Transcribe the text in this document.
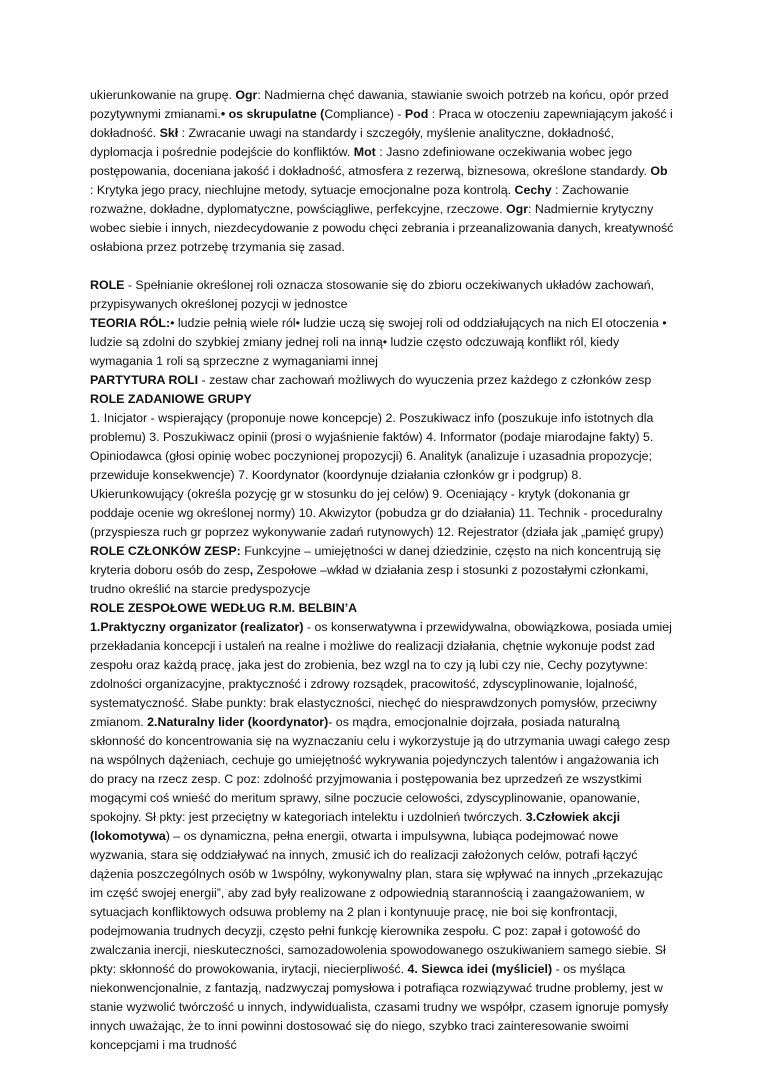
ukierunkowanie na grupę. Ogr: Nadmierna chęć dawania, stawianie swoich potrzeb na końcu, opór przed pozytywnymi zmianami.• os skrupulatne (Compliance) - Pod : Praca w otoczeniu zapewniającym jakość i dokładność. Skł : Zwracanie uwagi na standardy i szczegóły, myślenie analityczne, dokładność, dyplomacja i pośrednie podejście do konfliktów. Mot : Jasno zdefiniowane oczekiwania wobec jego postępowania, doceniana jakość i dokładność, atmosfera z rezerwą, biznesowa, określone standardy. Ob : Krytyka jego pracy, niechlujne metody, sytuacje emocjonalne poza kontrolą. Cechy : Zachowanie rozważne, dokładne, dyplomatyczne, powściągliwe, perfekcyjne, rzeczowe. Ogr: Nadmiernie krytyczny wobec siebie i innych, niezdecydowanie z powodu chęci zebrania i przeanalizowania danych, kreatywność osłabiona przez potrzebę trzymania się zasad.

ROLE - Spełnianie określonej roli oznacza stosowanie się do zbioru oczekiwanych układów zachowań, przypisywanych określonej pozycji w jednostce

TEORIA RÓL:• ludzie pełnią wiele ról• ludzie uczą się swojej roli od oddziałujących na nich El otoczenia • ludzie są zdolni do szybkiej zmiany jednej roli na inną• ludzie często odczuwają konflikt ról, kiedy wymagania 1 roli są sprzeczne z wymaganiami innej

PARTYTURA ROLI - zestaw char zachowań możliwych do wyuczenia przez każdego z członków zesp

ROLE ZADANIOWE GRUPY

1. Inicjator - wspierający (proponuje nowe koncepcje) 2. Poszukiwacz info (poszukuje info istotnych dla problemu) 3. Poszukiwacz opinii (prosi o wyjaśnienie faktów) 4. Informator (podaje miarodajne fakty) 5. Opiniodawca (głosi opinię wobec poczynionej propozycji) 6. Analityk (analizuje i uzasadnia propozycje; przewiduje konsekwencje) 7. Koordynator (koordynuje działania członków gr i podgrup) 8. Ukierunkowujący (określa pozycję gr w stosunku do jej celów) 9. Oceniający - krytyk (dokonania gr poddaje ocenie wg określonej normy) 10. Akwizytor (pobudza gr do działania) 11. Technik - proceduralny (przyspiesza ruch gr poprzez wykonywanie zadań rutynowych) 12. Rejestrator (działa jak „pamięć grupy)

ROLE CZŁONKÓW ZESP: Funkcyjne – umiejętności w danej dziedzinie, często na nich koncentrują się kryteria doboru osób do zesp, Zespołowe –wkład w działania zesp i stosunki z pozostałymi członkami, trudno określić na starcie predyspozycje

ROLE ZESPOŁOWE WEDŁUG R.M. BELBIN’A

1.Praktyczny organizator (realizator) - os konserwatywna i przewidywalna, obowiązkowa, posiada umiej przekładania koncepcji i ustaleń na realne i możliwe do realizacji działania, chętnie wykonuje podst zad zespołu oraz każdą pracę, jaka jest do zrobienia, bez wzgl na to czy ją lubi czy nie, Cechy pozytywne: zdolności organizacyjne, praktyczność i zdrowy rozsądek, pracowitość, zdyscyplinowanie, lojalność, systematyczność. Słabe punkty: brak elastyczności, niechęć do niesprawdzonych pomysłów, przeciwny zmianom. 2.Naturalny lider (koordynator)- os mądra, emocjonalnie dojrzała, posiada naturalną skłonność do koncentrowania się na wyznaczaniu celu i wykorzystuje ją do utrzymania uwagi całego zesp na wspólnych dążeniach, cechuje go umiejętność wykrywania pojedynczych talentów i angażowania ich do pracy na rzecz zesp. C poz: zdolność przyjmowania i postępowania bez uprzedzeń ze wszystkimi mogącymi coś wnieść do meritum sprawy, silne poczucie celowości, zdyscyplinowanie, opanowanie, spokojny. Sł pkty: jest przeciętny w kategoriach intelektu i uzdolnień twórczych. 3.Człowiek akcji (lokomotywa) – os dynamiczna, pełna energii, otwarta i impulsywna, lubiąca podejmować nowe wyzwania, stara się oddziaływać na innych, zmusić ich do realizacji założonych celów, potrafi łączyć dążenia poszczególnych osób w 1wspólny, wykonywalny plan, stara się wpływać na innych „przekazując im część swojej energii”, aby zad były realizowane z odpowiednią starannością i zaangażowaniem, w sytuacjach konfliktowych odsuwa problemy na 2 plan i kontynuuje pracę, nie boi się konfrontacji, podejmowania trudnych decyzji, często pełni funkcję kierownika zespołu. C poz: zapał i gotowość do zwalczania inercji, nieskuteczności, samozadowolenia spowodowanego oszukiwaniem samego siebie. Sł pkty: skłonność do prowokowania, irytacji, niecierpliwość. 4. Siewca idei (myśliciel) - os myśląca niekonwencjonalnie, z fantazją, nadzwyczaj pomysłowa i potrafiąca rozwiązywać trudne problemy, jest w stanie wyzwolić twórczość u innych, indywidualista, czasami trudny we współpr, czasem ignoruje pomysły innych uważając, że to inni powinni dostosować się do niego, szybko traci zainteresowanie swoimi koncepcjami i ma trudność
